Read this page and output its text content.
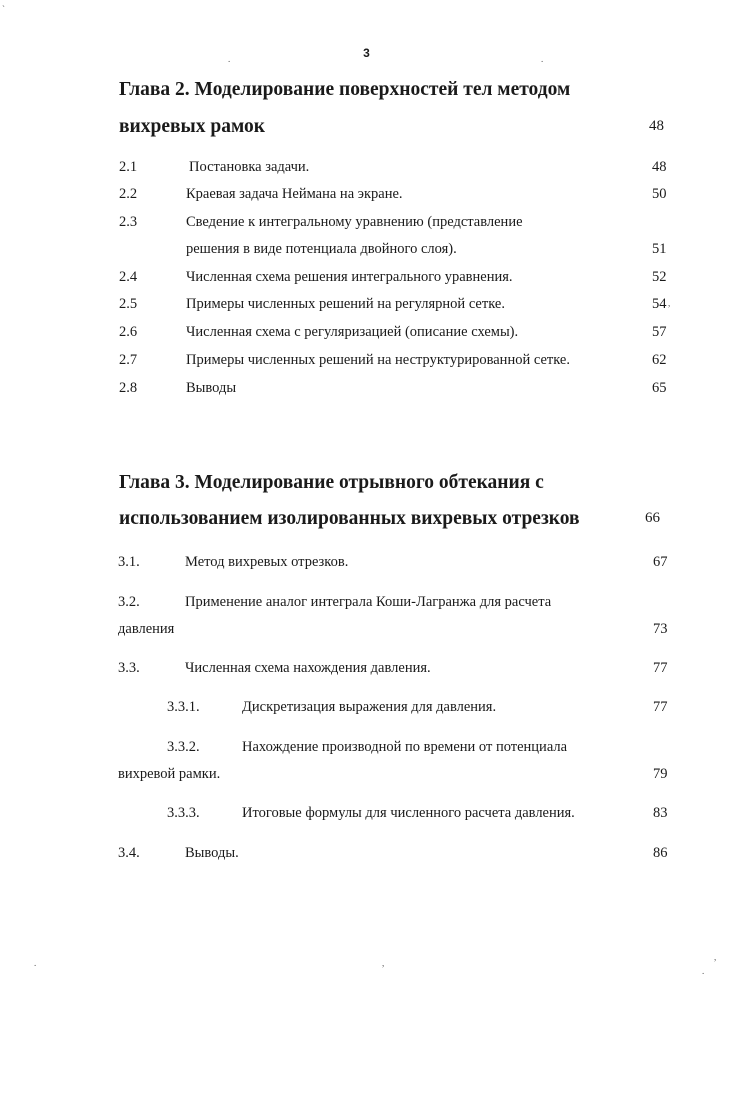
3
`
.	.
,
.	,
,
.
Глава 2. Моделирование поверхностей тел методом
вихревых рамок	48
2.1	Постановка задачи.	48
2.2	Краевая задача Неймана на экране.	50
2.3	Сведение к интегральному уравнению (представление
решения в виде потенциала двойного слоя).	51
2.4	Численная схема решения интегрального уравнения.	52
2.5	Примеры численных решений на регулярной сетке.	54
2.6	Численная схема с регуляризацией (описание схемы).	57
2.7	Примеры численных решений на неструктурированной сетке.	62
2.8	Выводы	65
Глава 3. Моделирование отрывного обтекания с
использованием изолированных вихревых отрезков	66
3.1.	Метод вихревых отрезков.	67
3.2.	Применение аналог интеграла Коши-Лагранжа для расчета
давления	73
3.3.	Численная схема нахождения давления.	77
3.3.1.	Дискретизация выражения для давления.	77
3.3.2.	Нахождение производной по времени от потенциала
вихревой рамки.	79
3.3.3.	Итоговые формулы для численного расчета давления.	83
3.4.	Выводы.	86
